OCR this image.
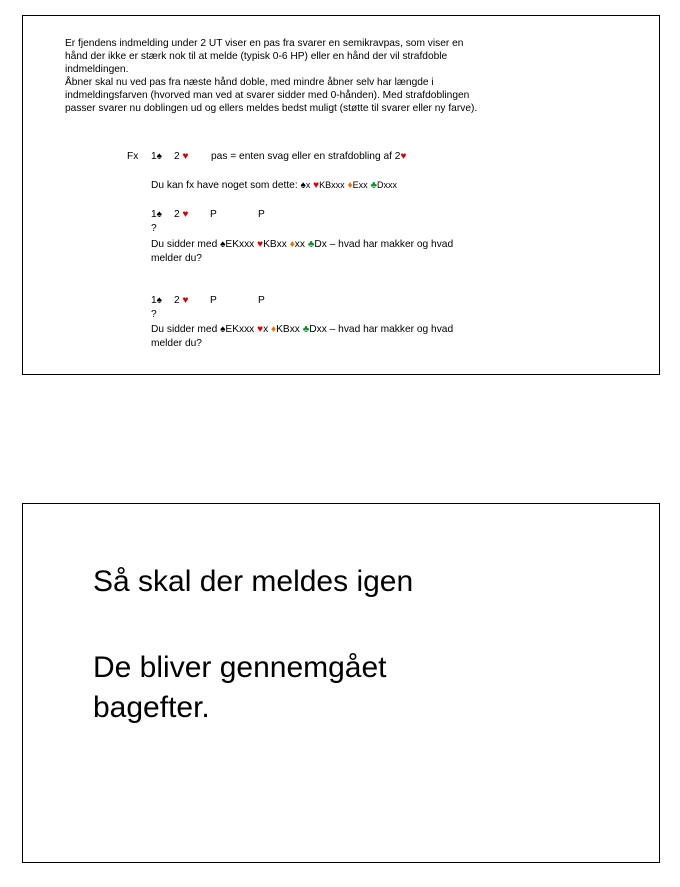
Er fjendens indmelding under 2 UT viser en pas fra svarer en semikravpas, som viser en
hånd der ikke er stærk nok til at melde (typisk 0-6 HP) eller en hånd der vil strafdoble
indmeldingen.
Åbner skal nu ved pas fra næste hånd doble, med mindre åbner selv har længde i
indmeldingsfarven (hvorved man ved at svarer sidder med 0-hånden). Med strafdoblingen
passer svarer nu doblingen ud og ellers meldes bedst muligt (støtte til svarer eller ny farve).
Fx 1♠ 2 ♥ pas = enten svag eller en strafdobling af 2♥
Du kan fx have noget som dette: ♠x ♥KBxxx ♦Exx ♣Dxxx
1♠ 2 ♥ P	P
?
Du sidder med ♠EKxxx ♥KBxx ♦xx ♣Dx – hvad har makker og hvad
melder du?
1♠ 2 ♥ P	P
?
Du sidder med ♠EKxxx ♥x ♦KBxx ♣Dxx – hvad har makker og hvad
melder du?

Så skal der meldes igen

De bliver gennemgået

bagefter.
